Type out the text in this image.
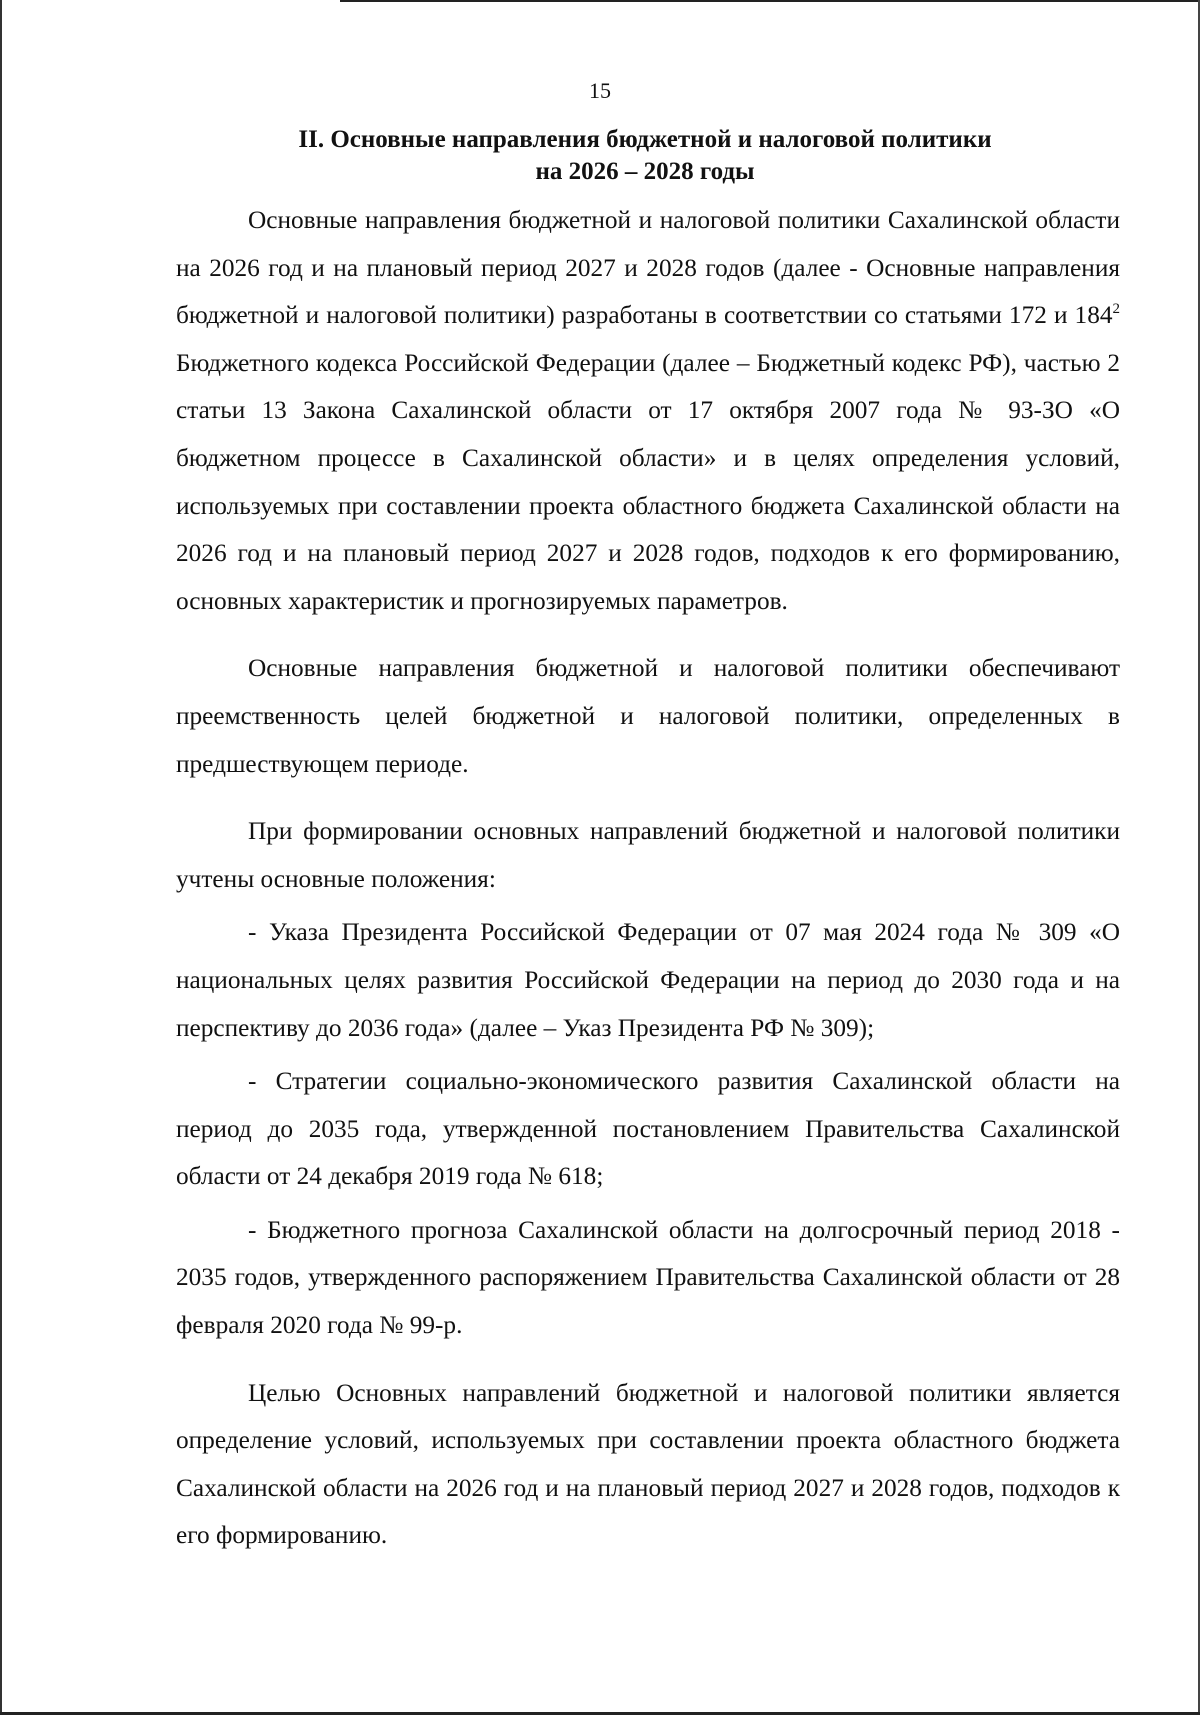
15
II. Основные направления бюджетной и налоговой политики
на 2026 – 2028 годы

Основные направления бюджетной и налоговой политики Сахалинской области на 2026 год и на плановый период 2027 и 2028 годов (далее - Основные направления бюджетной и налоговой политики) разработаны в соответствии со статьями 172 и $184^2$ Бюджетного кодекса Российской Федерации (далее – Бюджетный кодекс РФ), частью 2 статьи 13 Закона Сахалинской области от 17 октября 2007 года № 93-ЗО «О бюджетном процессе в Сахалинской области» и в целях определения условий, используемых при составлении проекта областного бюджета Сахалинской области на 2026 год и на плановый период 2027 и 2028 годов, подходов к его формированию, основных характеристик и прогнозируемых параметров.

Основные направления бюджетной и налоговой политики обеспечивают преемственность целей бюджетной и налоговой политики, определенных в предшествующем периоде.

При формировании основных направлений бюджетной и налоговой политики учтены основные положения:

- Указа Президента Российской Федерации от 07 мая 2024 года № 309 «О национальных целях развития Российской Федерации на период до 2030 года и на перспективу до 2036 года» (далее – Указ Президента РФ № 309);

- Стратегии социально-экономического развития Сахалинской области на период до 2035 года, утвержденной постановлением Правительства Сахалинской области от 24 декабря 2019 года № 618;

- Бюджетного прогноза Сахалинской области на долгосрочный период 2018 - 2035 годов, утвержденного распоряжением Правительства Сахалинской области от 28 февраля 2020 года № 99-р.

Целью Основных направлений бюджетной и налоговой политики является определение условий, используемых при составлении проекта областного бюджета Сахалинской области на 2026 год и на плановый период 2027 и 2028 годов, подходов к его формированию.
